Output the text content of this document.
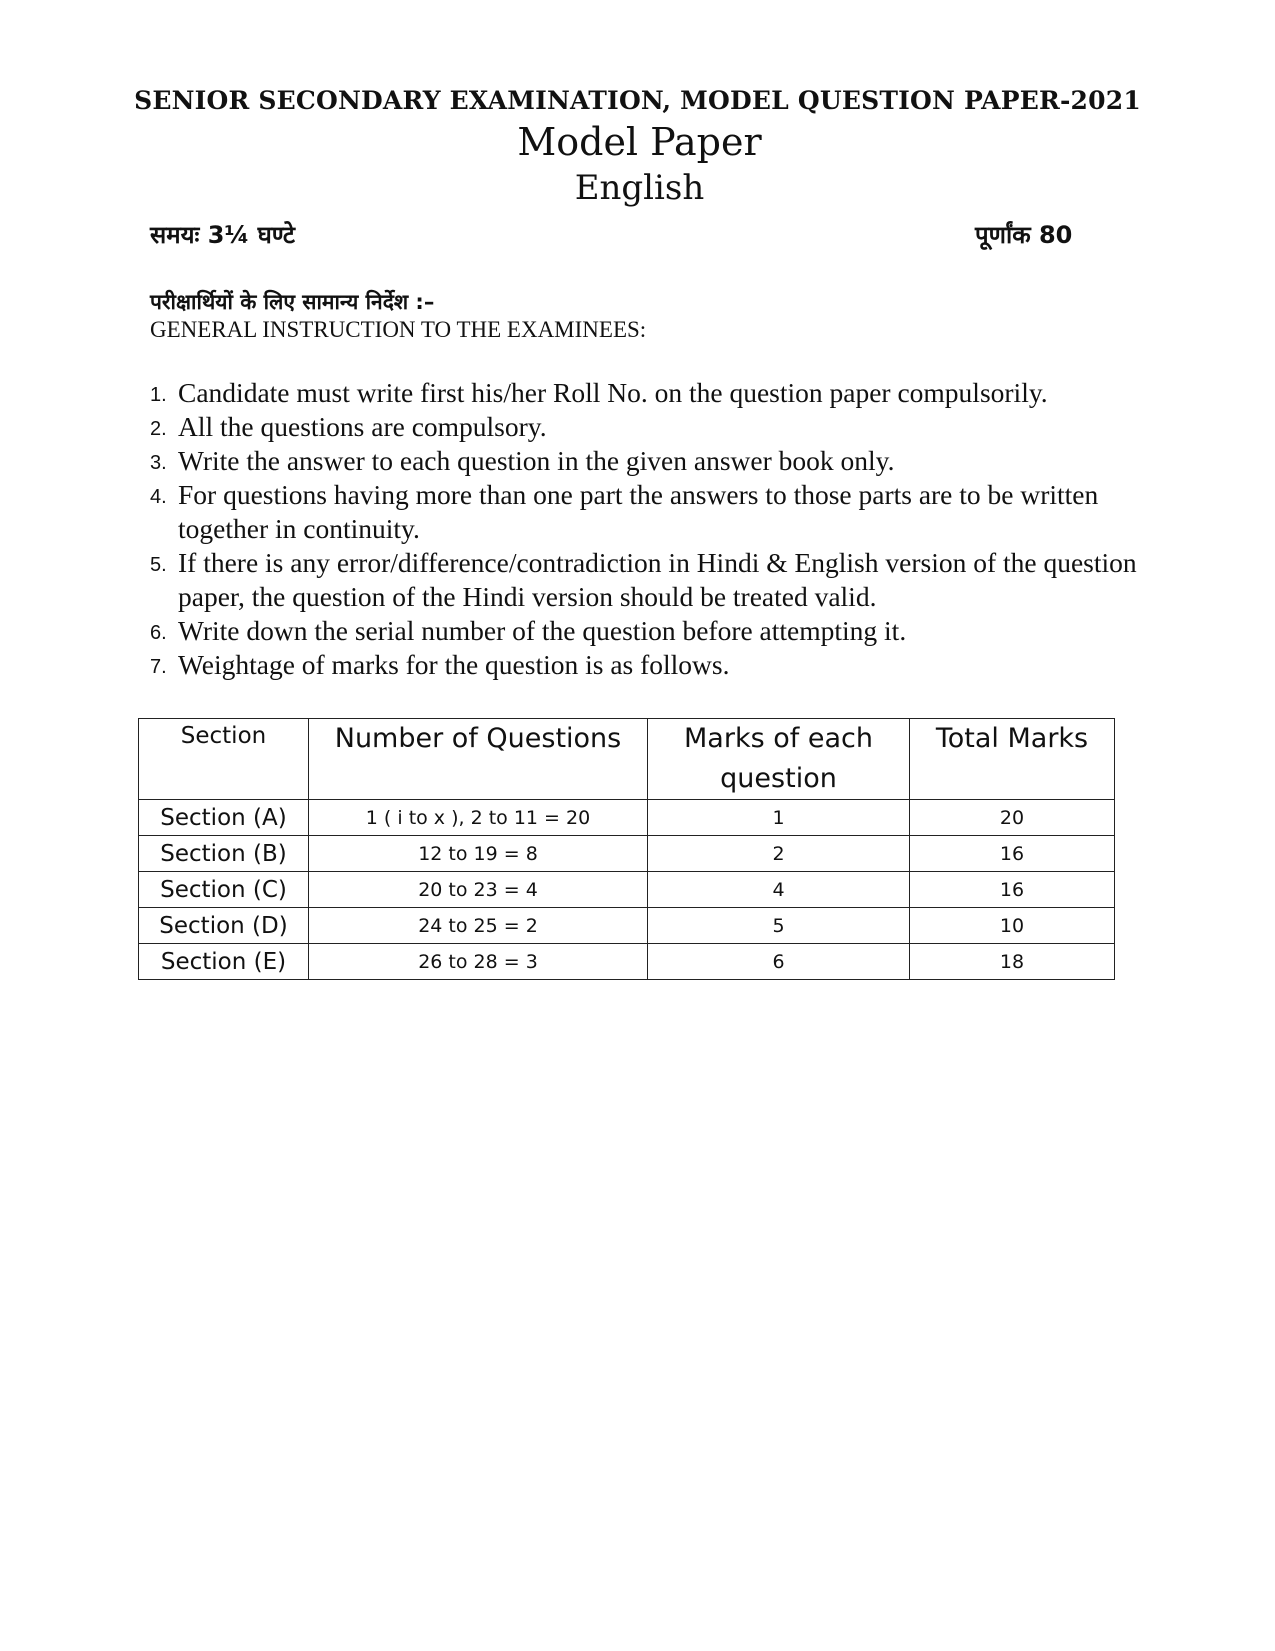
SENIOR SECONDARY EXAMINATION, MODEL QUESTION PAPER-2021
Model Paper
English
समयः 3¼ घण्टे	पूर्णांक 80
परीक्षार्थियों के लिए सामान्य निर्देश :–
GENERAL INSTRUCTION TO THE EXAMINEES:
1. Candidate must write first his/her Roll No. on the question paper compulsorily.
2. All the questions are compulsory.
3. Write the answer to each question in the given answer book only.
4. For questions having more than one part the answers to those parts are to be written together in continuity.
5. If there is any error/difference/contradiction in Hindi & English version of the question paper, the question of the Hindi version should be treated valid.
6. Write down the serial number of the question before attempting it.
7. Weightage of marks for the question is as follows.
Section	Number of Questions	Marks of each question	Total Marks
Section (A)	1 ( i to x ), 2 to 11 = 20	1	20
Section (B)	12 to 19 = 8	2	16
Section (C)	20 to 23 = 4	4	16
Section (D)	24 to 25 = 2	5	10
Section (E)	26 to 28 = 3	6	18
